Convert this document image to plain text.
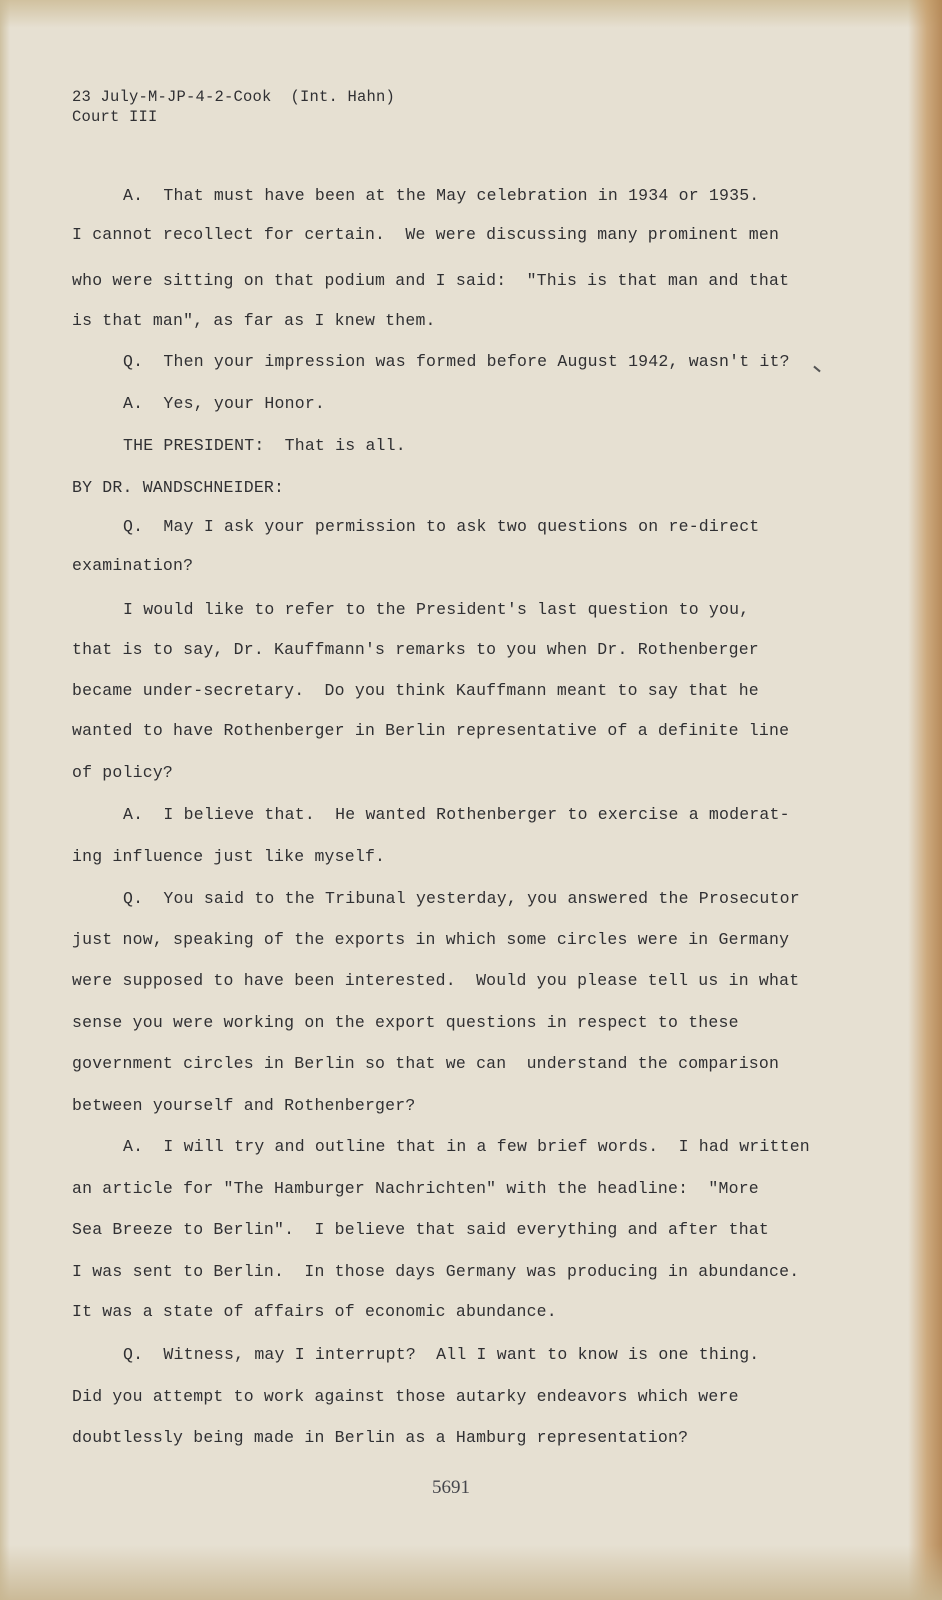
23 July-M-JP-4-2-Cook  (Int. Hahn)

Court III

A.  That must have been at the May celebration in 1934 or 1935.

I cannot recollect for certain.  We were discussing many prominent men

who were sitting on that podium and I said:  "This is that man and that

is that man", as far as I knew them.

Q.  Then your impression was formed before August 1942, wasn't it?

A.  Yes, your Honor.

THE PRESIDENT:  That is all.

BY DR. WANDSCHNEIDER:

Q.  May I ask your permission to ask two questions on re-direct

examination?

I would like to refer to the President's last question to you,

that is to say, Dr. Kauffmann's remarks to you when Dr. Rothenberger

became under-secretary.  Do you think Kauffmann meant to say that he

wanted to have Rothenberger in Berlin representative of a definite line

of policy?

A.  I believe that.  He wanted Rothenberger to exercise a moderat-

ing influence just like myself.

Q.  You said to the Tribunal yesterday, you answered the Prosecutor

just now, speaking of the exports in which some circles were in Germany

were supposed to have been interested.  Would you please tell us in what

sense you were working on the export questions in respect to these

government circles in Berlin so that we can  understand the comparison

between yourself and Rothenberger?

A.  I will try and outline that in a few brief words.  I had written

an article for "The Hamburger Nachrichten" with the headline:  "More

Sea Breeze to Berlin".  I believe that said everything and after that

I was sent to Berlin.  In those days Germany was producing in abundance.

It was a state of affairs of economic abundance.

Q.  Witness, may I interrupt?  All I want to know is one thing.

Did you attempt to work against those autarky endeavors which were

doubtlessly being made in Berlin as a Hamburg representation?

5691
